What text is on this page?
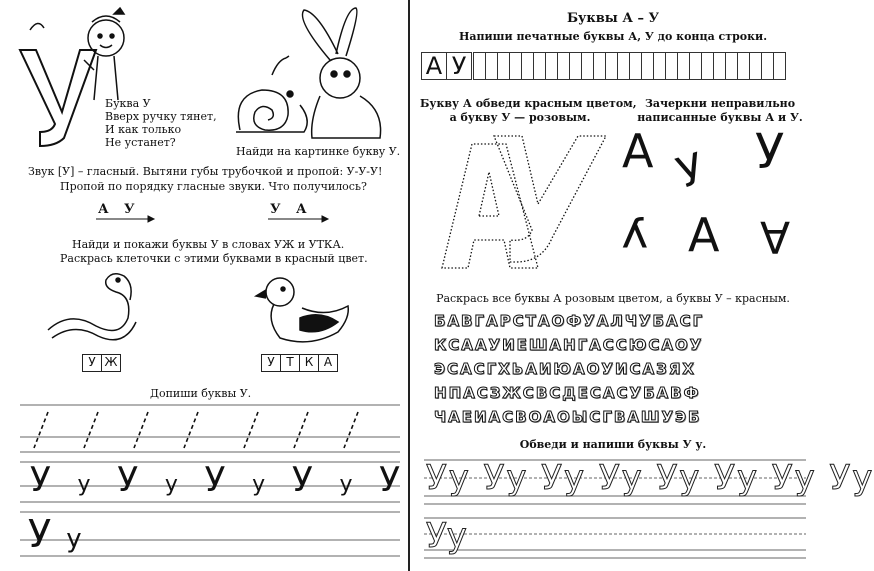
Буква У
Вверх ручку тянет,
И как только
Не устанет?
Найди на картинке букву У.
Звук [У] – гласный. Вытяни губы трубочкой и пропой: У-У-У!
Пропой по порядку гласные звуки. Что получилось?
А У	У А
Найди и покажи буквы У в словах УЖ и УТКА.
Раскрась клеточки с этими буквами в красный цвет.
У Ж	У Т К А
Допиши буквы У.
У у У у У у У у У
У у
Буквы А – У
Напиши печатные буквы А, У до конца строки.
А У
Букву А обведи красным цветом,
а букву У — розовым.
Зачеркни неправильно
написанные буквы А и У.
А У У
У А А
Раскрась все буквы А розовым цветом, а буквы У – красным.
Б А В Г А Р С Т А О Ф У А Л Ч У Б А С Г
К С А А У И Е Ш А Н Г А С С Ю С А О У
Э С А С Г Х Ь А И Ю А О У И С А З Я Х
Н П А С З Ж С В С Д Е С А С У Б А В Ф
Ч А Е И А С В О А О Ы С Г В А Ш У Э Б
Обведи и напиши буквы У у.
Уу Уу Уу Уу Уу Уу Уу Уу
Уу
